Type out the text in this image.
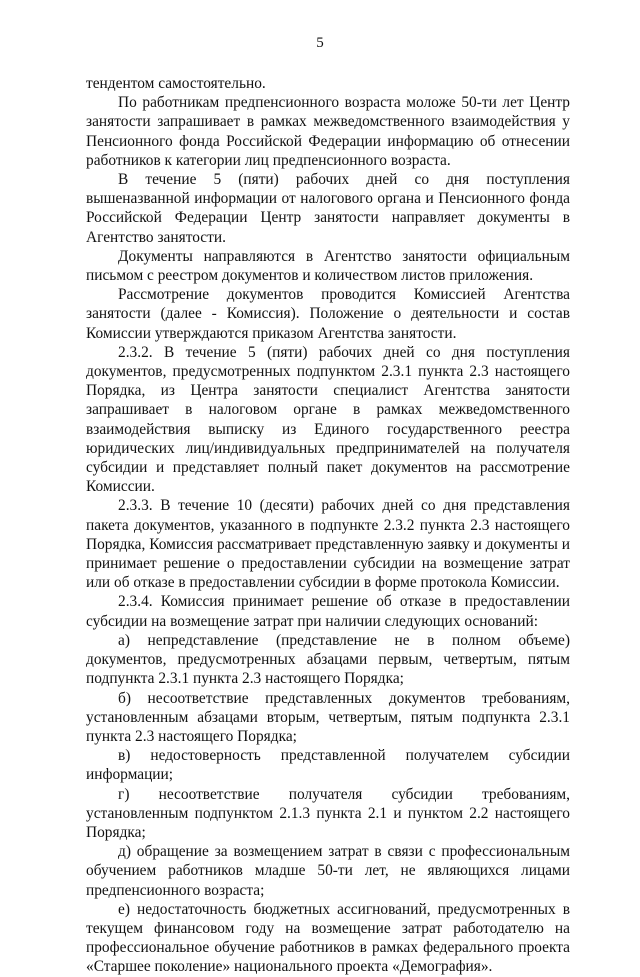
5

тендентом самостоятельно.

По работникам предпенсионного возраста моложе 50-ти лет Центр занятости запрашивает в рамках межведомственного взаимодействия у Пенсионного фонда Российской Федерации информацию об отнесении работников к категории лиц предпенсионного возраста.

В течение 5 (пяти) рабочих дней со дня поступления вышеназванной информации от налогового органа и Пенсионного фонда Российской Федерации Центр занятости направляет документы в Агентство занятости.

Документы направляются в Агентство занятости официальным письмом с реестром документов и количеством листов приложения.

Рассмотрение документов проводится Комиссией Агентства занятости (далее - Комиссия). Положение о деятельности и состав Комиссии утверждаются приказом Агентства занятости.

2.3.2. В течение 5 (пяти) рабочих дней со дня поступления документов, предусмотренных подпунктом 2.3.1 пункта 2.3 настоящего Порядка, из Центра занятости специалист Агентства занятости запрашивает в налоговом органе в рамках межведомственного взаимодействия выписку из Единого государственного реестра юридических лиц/индивидуальных предпринимателей на получателя субсидии и представляет полный пакет документов на рассмотрение Комиссии.

2.3.3. В течение 10 (десяти) рабочих дней со дня представления пакета документов, указанного в подпункте 2.3.2 пункта 2.3 настоящего Порядка, Комиссия рассматривает представленную заявку и документы и принимает решение о предоставлении субсидии на возмещение затрат или об отказе в предоставлении субсидии в форме протокола Комиссии.

2.3.4. Комиссия принимает решение об отказе в предоставлении субсидии на возмещение затрат при наличии следующих оснований:

а) непредставление (представление не в полном объеме) документов, предусмотренных абзацами первым, четвертым, пятым подпункта 2.3.1 пункта 2.3 настоящего Порядка;

б) несоответствие представленных документов требованиям, установленным абзацами вторым, четвертым, пятым подпункта 2.3.1 пункта 2.3 настоящего Порядка;

в) недостоверность представленной получателем субсидии информации;

г) несоответствие получателя субсидии требованиям, установленным подпунктом 2.1.3 пункта 2.1 и пунктом 2.2 настоящего Порядка;

д) обращение за возмещением затрат в связи с профессиональным обучением работников младше 50-ти лет, не являющихся лицами предпенсионного возраста;

е) недостаточность бюджетных ассигнований, предусмотренных в текущем финансовом году на возмещение затрат работодателю на профессиональное обучение работников в рамках федерального проекта «Старшее поколение» национального проекта «Демография».
